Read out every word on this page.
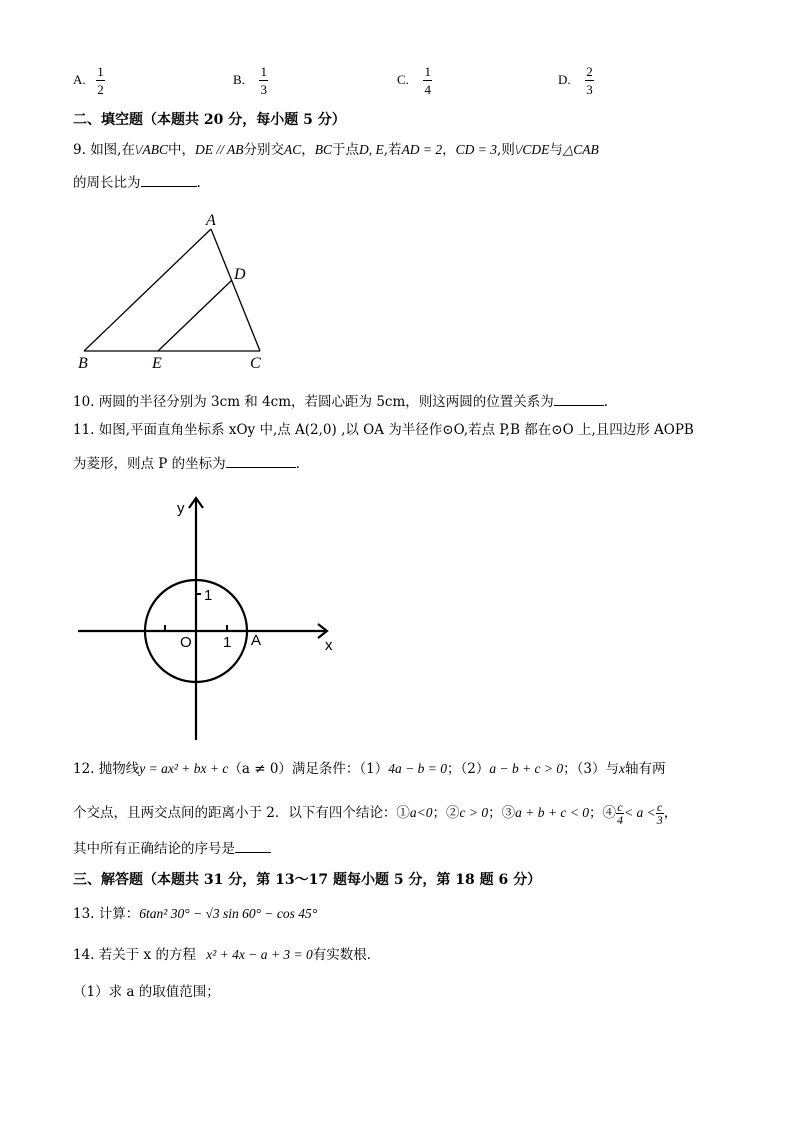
A. $\frac{1}{2}$	B. $\frac{1}{3}$	C. $\frac{1}{4}$	D. $\frac{2}{3}$
二、填空题（本题共 20 分，每小题 5 分）
9. 如图,在\/ABC中，DE // AB分别交AC，BC于点D, E,若AD = 2，CD = 3,则\/CDE与△CAB
的周长比为	.
A
D
B	E	C
10. 两圆的半径分别为 3cm 和 4cm，若圆心距为 5cm，则这两圆的位置关系为	.
11. 如图,平面直角坐标系 xOy 中,点 A(2,0) ,以 OA 为半径作⊙O,若点 P,B 都在⊙O 上,且四边形 AOPB
为菱形，则点 P 的坐标为	.
y
x
1
O 1 A
12. 抛物线y = ax² + bx + c（a ≠ 0）满足条件：（1）4a − b = 0；（2）a − b + c > 0；（3）与x轴有两
个交点，且两交点间的距离小于 2．以下有四个结论：①a<0；②c > 0；③a + b + c < 0；④ $\frac{c}{4} < a < \frac{c}{3}$ ，
其中所有正确结论的序号是
三、解答题（本题共 31 分，第 13～17 题每小题 5 分，第 18 题 6 分）
13. 计算：6tan² 30° − √3 sin 60° − cos 45°
14. 若关于 x 的方程 x² + 4x − a + 3 = 0有实数根．
（1）求 a 的取值范围；
